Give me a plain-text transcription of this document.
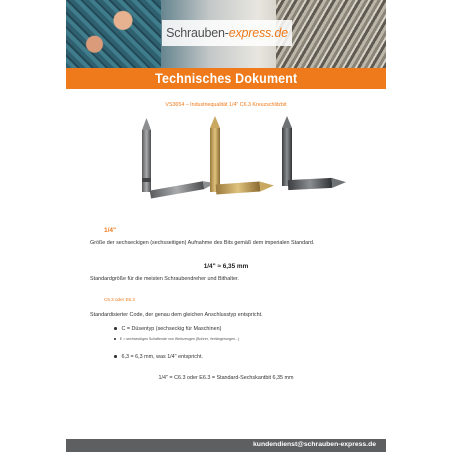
Schrauben-express.de
Technisches Dokument
VS3654 – Industriequalität 1/4" C6.3 Kreuzschlitzbit
1/4"
Größe der sechseckigen (sechsseitigen) Aufnahme des Bits gemäß dem imperialen Standard.
1/4" ≈ 6,35 mm
Standardgröße für die meisten Schraubendreher und Bithalter.
C6.3 oder E6.3
Standardisierter Code, der genau dem gleichen Anschlusstyp entspricht.
C = Düsentyp (sechseckig für Maschinen)
E = sechseckiges Schaftende von Werkzeugen (Bohrer, Verlängerungen...)
6,3 = 6,3 mm, was 1/4" entspricht.
1/4" = C6.3 oder E6.3 = Standard-Sechskantbit 6,35 mm
kundendienst@schrauben-express.de
